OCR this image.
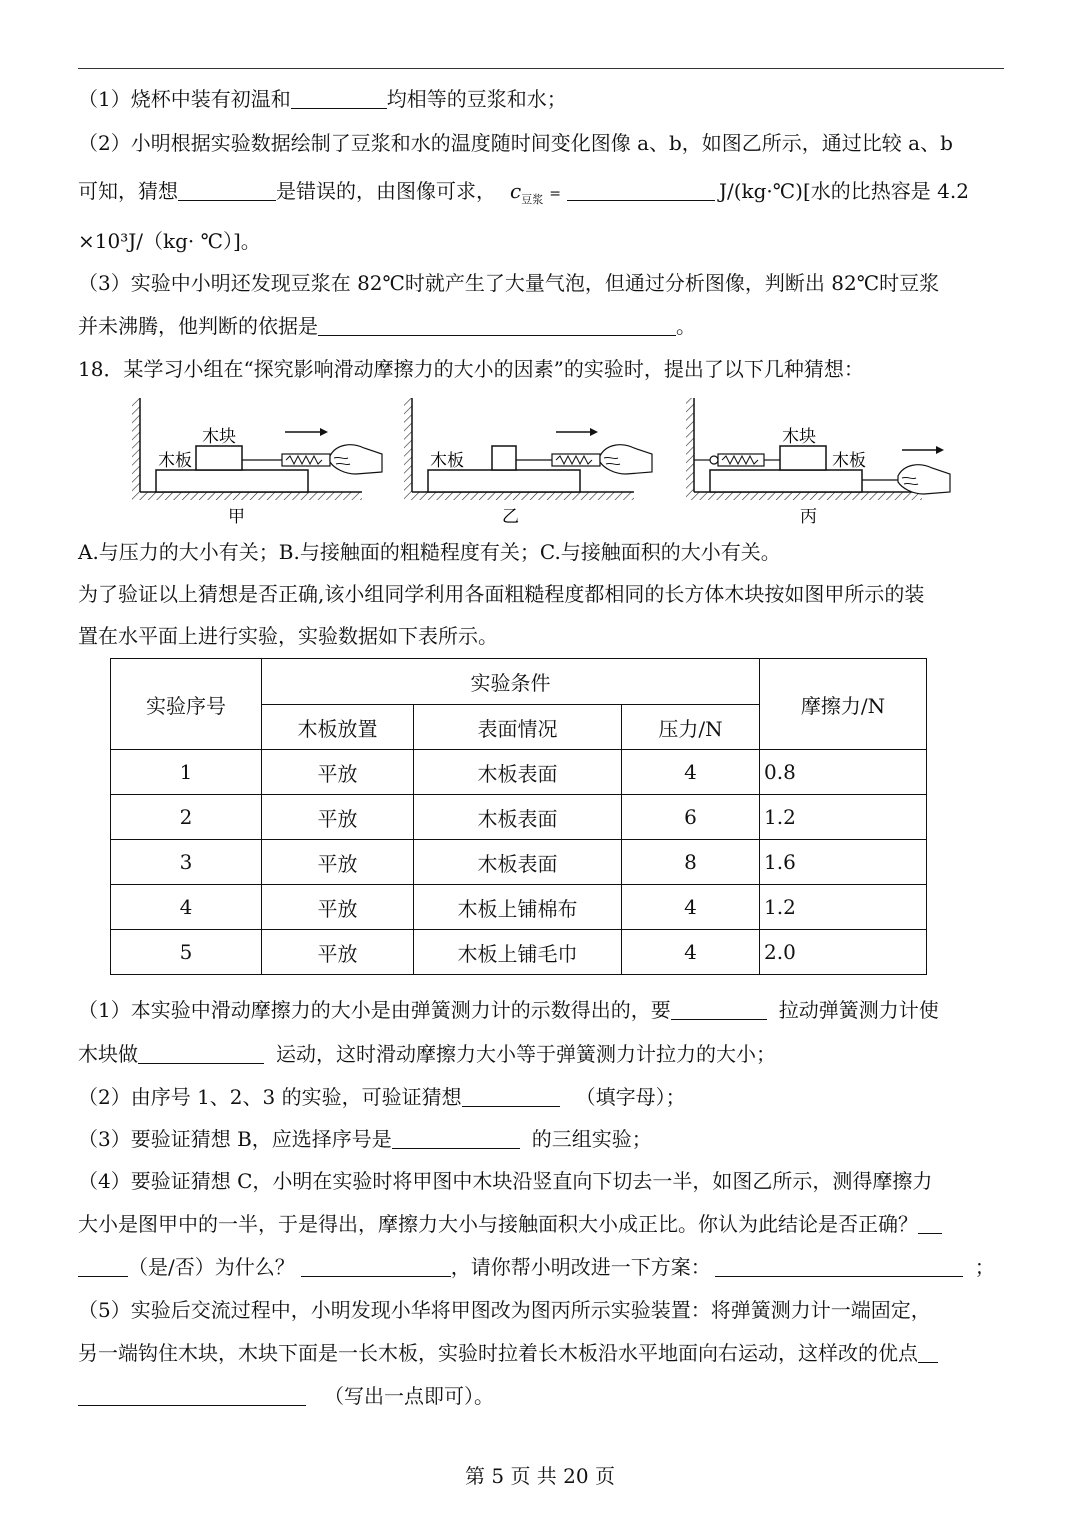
（1）烧杯中装有初温和	均相等的豆浆和水；
（2）小明根据实验数据绘制了豆浆和水的温度随时间变化图像 a、b，如图乙所示，通过比较 a、b
可知，猜想	是错误的，由图像可求， $c_{豆浆}$ =	J/(kg·℃)[水的比热容是 4.2
×10³J/（kg· ℃）]。
（3）实验中小明还发现豆浆在 82℃时就产生了大量气泡，但通过分析图像，判断出 82℃时豆浆
并未沸腾，他判断的依据是	。
18．某学习小组在“探究影响滑动摩擦力的大小的因素”的实验时，提出了以下几种猜想：
木板
木块
甲
木板
乙
木块
木板
丙
A.与压力的大小有关；B.与接触面的粗糙程度有关；C.与接触面积的大小有关。
为了验证以上猜想是否正确,该小组同学利用各面粗糙程度都相同的长方体木块按如图甲所示的装
置在水平面上进行实验，实验数据如下表所示。
实验序号	实验条件			摩擦力/N
	木板放置	表面情况	压力/N	
1	平放	木板表面	4	0.8
2	平放	木板表面	6	1.2
3	平放	木板表面	8	1.6
4	平放	木板上铺棉布	4	1.2
5	平放	木板上铺毛巾	4	2.0
（1）本实验中滑动摩擦力的大小是由弹簧测力计的示数得出的，要	拉动弹簧测力计使
木块做	运动，这时滑动摩擦力大小等于弹簧测力计拉力的大小；
（2）由序号 1、2、3 的实验，可验证猜想	（填字母）；
（3）要验证猜想 B，应选择序号是	的三组实验；
（4）要验证猜想 C，小明在实验时将甲图中木块沿竖直向下切去一半，如图乙所示，测得摩擦力
大小是图甲中的一半，于是得出，摩擦力大小与接触面积大小成正比。你认为此结论是否正确？
（是/否）为什么？	，请你帮小明改进一下方案：	；
（5）实验后交流过程中，小明发现小华将甲图改为图丙所示实验装置：将弹簧测力计一端固定，
另一端钩住木块，木块下面是一长木板，实验时拉着长木板沿水平地面向右运动，这样改的优点
（写出一点即可）。
第 5 页 共 20 页
